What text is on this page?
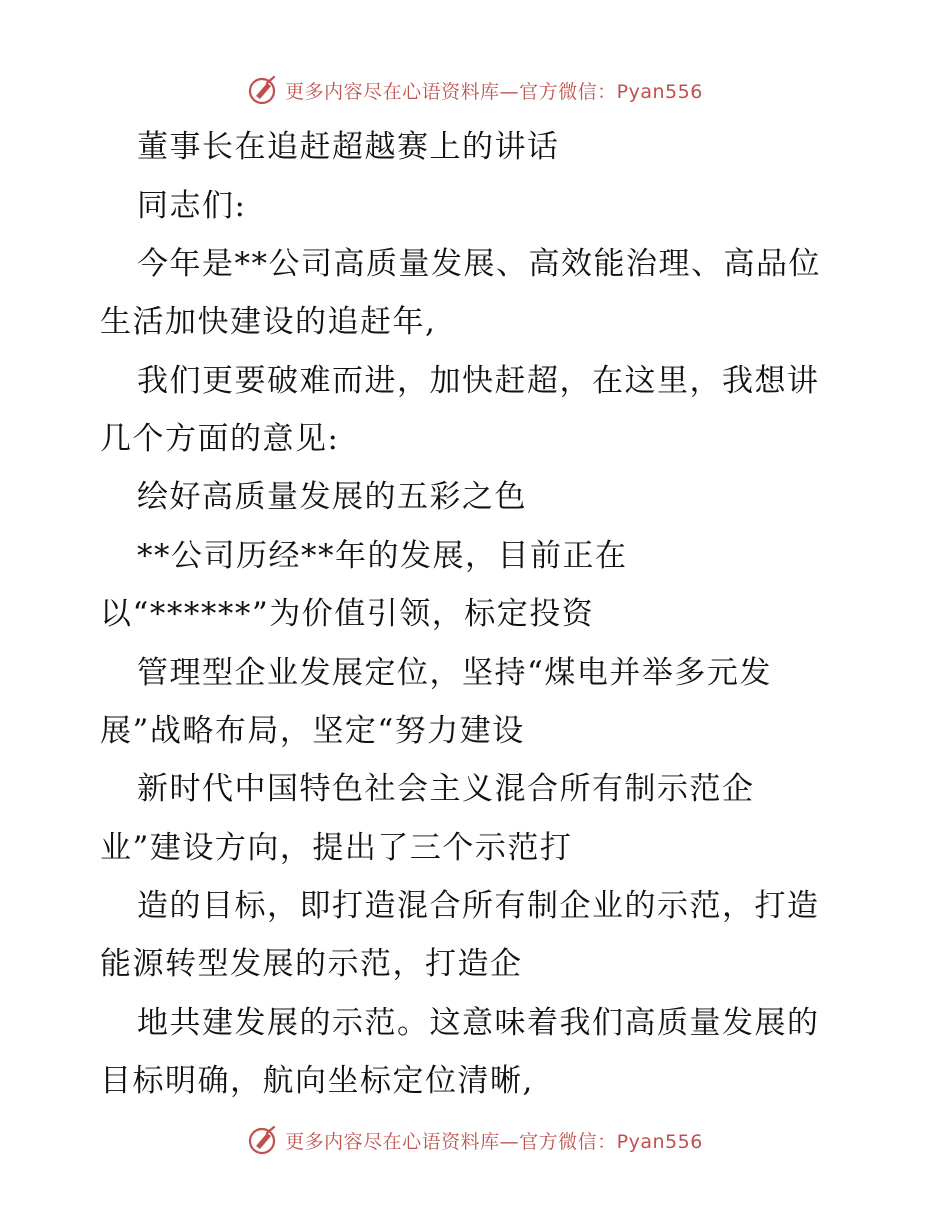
更多内容尽在心语资料库—官方微信：Pyan556
董事长在追赶超越赛上的讲话
同志们:
今年是**公司高质量发展、高效能治理、高品位
生活加快建设的追赶年,
我们更要破难而进，加快赶超，在这里，我想讲
几个方面的意见:
绘好高质量发展的五彩之色
**公司历经**年的发展，目前正在
以“******”为价值引领，标定投资
管理型企业发展定位，坚持“煤电并举多元发
展”战略布局，坚定“努力建设
新时代中国特色社会主义混合所有制示范企
业”建设方向，提出了三个示范打
造的目标，即打造混合所有制企业的示范，打造
能源转型发展的示范，打造企
地共建发展的示范。这意味着我们高质量发展的
目标明确，航向坐标定位清晰,
更多内容尽在心语资料库—官方微信：Pyan556
